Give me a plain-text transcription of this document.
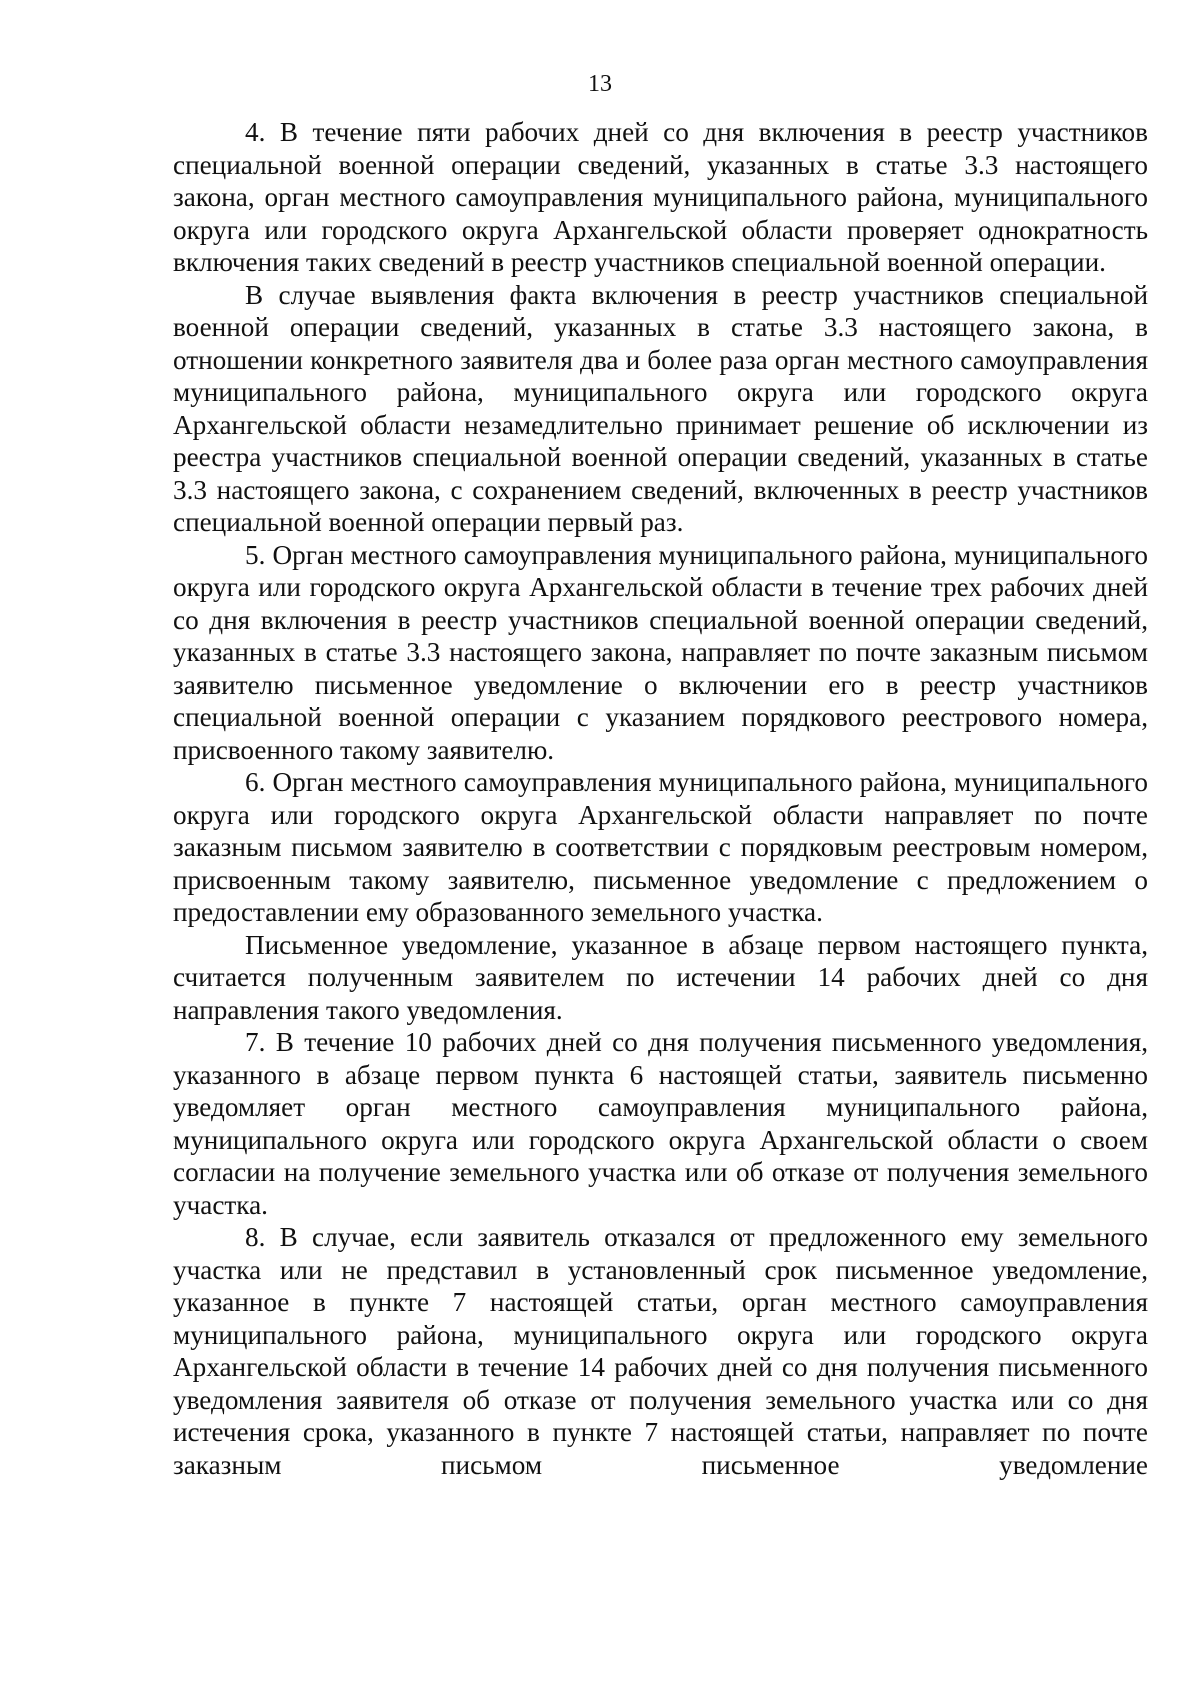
13

4. В течение пяти рабочих дней со дня включения в реестр участников специальной военной операции сведений, указанных в статье 3.3 настоящего закона, орган местного самоуправления муниципального района, муниципального округа или городского округа Архангельской области проверяет однократность включения таких сведений в реестр участников специальной военной операции.

В случае выявления факта включения в реестр участников специальной военной операции сведений, указанных в статье 3.3 настоящего закона, в отношении конкретного заявителя два и более раза орган местного самоуправления муниципального района, муниципального округа или городского округа Архангельской области незамедлительно принимает решение об исключении из реестра участников специальной военной операции сведений, указанных в статье 3.3 настоящего закона, с сохранением сведений, включенных в реестр участников специальной военной операции первый раз.

5. Орган местного самоуправления муниципального района, муниципального округа или городского округа Архангельской области в течение трех рабочих дней со дня включения в реестр участников специальной военной операции сведений, указанных в статье 3.3 настоящего закона, направляет по почте заказным письмом заявителю письменное уведомление о включении его в реестр участников специальной военной операции с указанием порядкового реестрового номера, присвоенного такому заявителю.

6. Орган местного самоуправления муниципального района, муниципального округа или городского округа Архангельской области направляет по почте заказным письмом заявителю в соответствии с порядковым реестровым номером, присвоенным такому заявителю, письменное уведомление с предложением о предоставлении ему образованного земельного участка.

Письменное уведомление, указанное в абзаце первом настоящего пункта, считается полученным заявителем по истечении 14 рабочих дней со дня направления такого уведомления.

7. В течение 10 рабочих дней со дня получения письменного уведомления, указанного в абзаце первом пункта 6 настоящей статьи, заявитель письменно уведомляет орган местного самоуправления муниципального района, муниципального округа или городского округа Архангельской области о своем согласии на получение земельного участка или об отказе от получения земельного участка.

8. В случае, если заявитель отказался от предложенного ему земельного участка или не представил в установленный срок письменное уведомление, указанное в пункте 7 настоящей статьи, орган местного самоуправления муниципального района, муниципального округа или городского округа Архангельской области в течение 14 рабочих дней со дня получения письменного уведомления заявителя об отказе от получения земельного участка или со дня истечения срока, указанного в пункте 7 настоящей статьи, направляет по почте заказным письмом письменное уведомление
